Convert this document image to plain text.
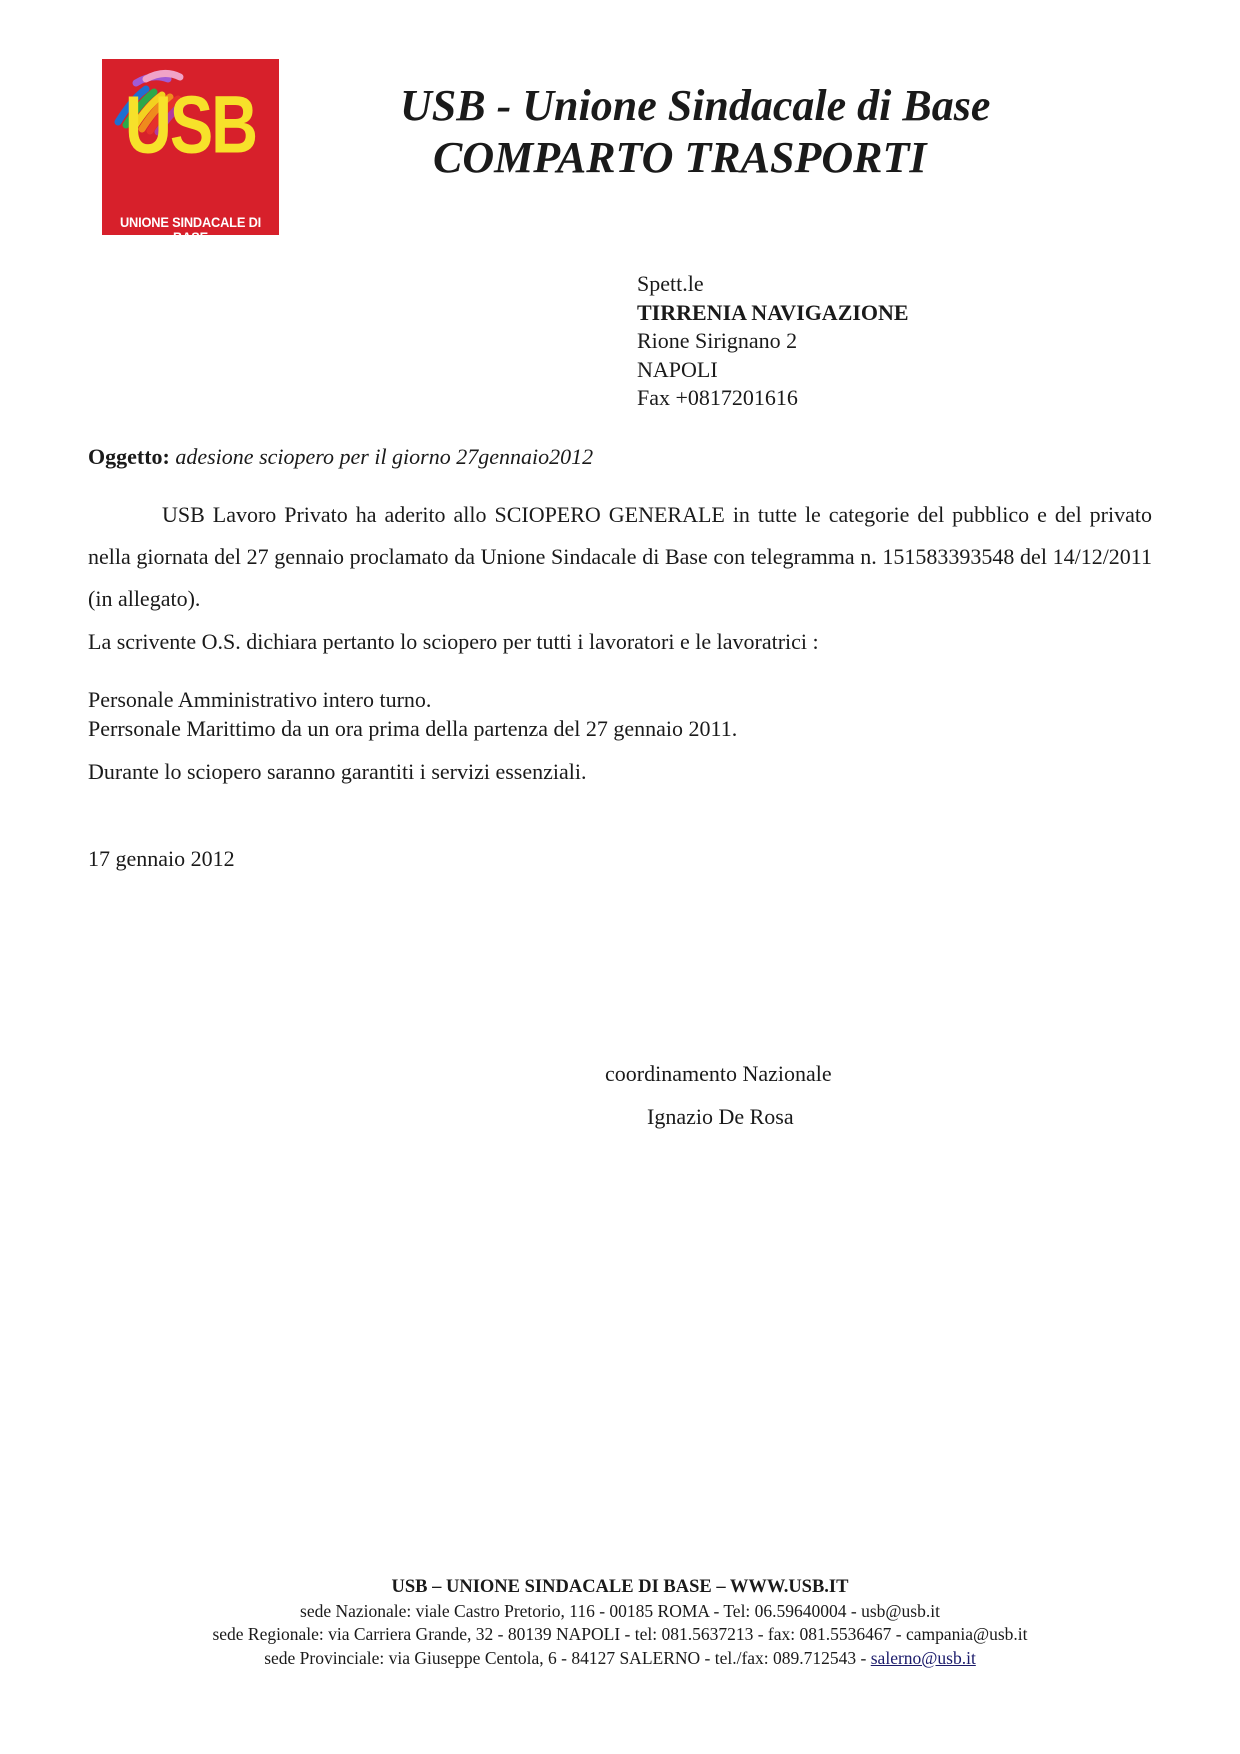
USB
UNIONE SINDACALE DI BASE
USB - Unione Sindacale di Base
COMPARTO TRASPORTI
Spett.le
TIRRENIA NAVIGAZIONE
Rione Sirignano 2
NAPOLI
Fax +0817201616
Oggetto: adesione sciopero per il giorno 27gennaio2012
USB Lavoro Privato ha aderito allo SCIOPERO GENERALE in tutte le categorie del pubblico e del privato nella giornata del 27 gennaio proclamato da Unione Sindacale di Base con telegramma n. 151583393548 del 14/12/2011 (in allegato).
La scrivente O.S. dichiara pertanto lo sciopero per tutti i lavoratori e le lavoratrici :
Personale Amministrativo intero turno.
Perrsonale Marittimo da un ora prima della partenza del 27 gennaio 2011.
Durante lo sciopero saranno garantiti i servizi essenziali.
17 gennaio 2012
coordinamento Nazionale
Ignazio De Rosa
USB – UNIONE SINDACALE DI BASE – WWW.USB.IT
sede Nazionale: viale Castro Pretorio, 116 - 00185 ROMA - Tel: 06.59640004 - usb@usb.it
sede Regionale: via Carriera Grande, 32 - 80139 NAPOLI - tel: 081.5637213 - fax: 081.5536467 - campania@usb.it
sede Provinciale: via Giuseppe Centola, 6 - 84127 SALERNO - tel./fax: 089.712543 - salerno@usb.it
